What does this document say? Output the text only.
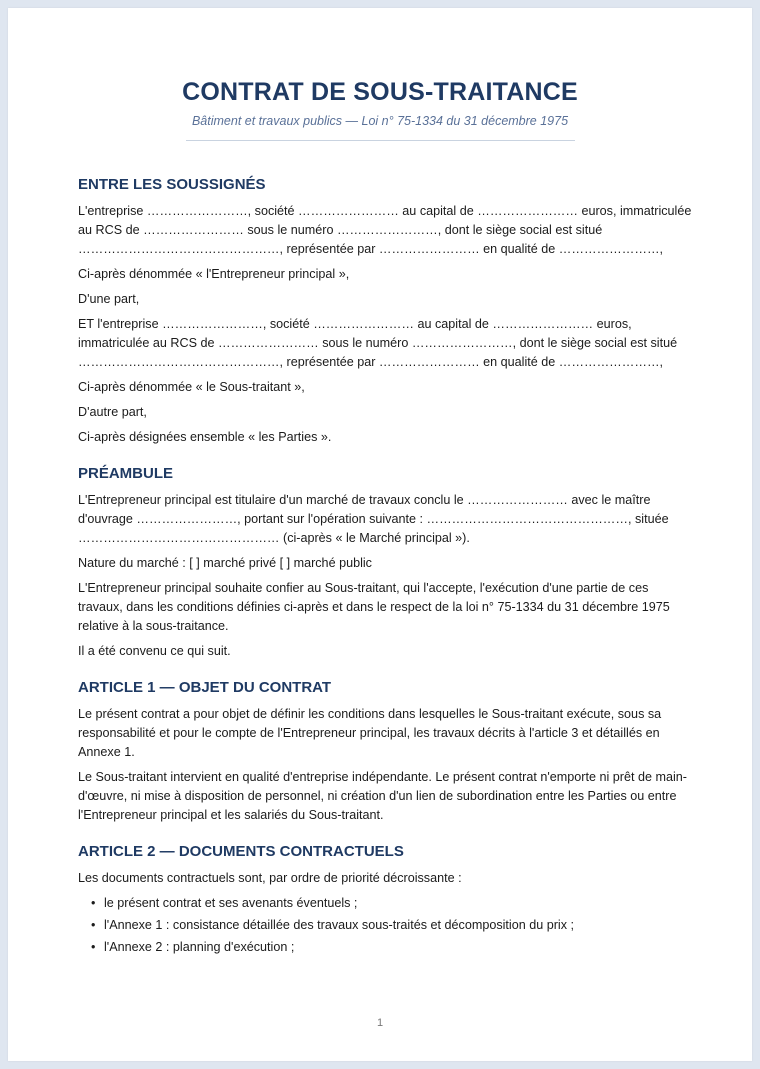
CONTRAT DE SOUS-TRAITANCE
Bâtiment et travaux publics — Loi n° 75-1334 du 31 décembre 1975
ENTRE LES SOUSSIGNÉS

L'entreprise ……………………, société …………………… au capital de …………………… euros, immatriculée au RCS de …………………… sous le numéro ……………………, dont le siège social est situé …………………………………………, représentée par …………………… en qualité de ……………………,

Ci-après dénommée « l'Entrepreneur principal »,

D'une part,

ET l'entreprise ……………………, société …………………… au capital de …………………… euros, immatriculée au RCS de …………………… sous le numéro ……………………, dont le siège social est situé …………………………………………, représentée par …………………… en qualité de ……………………,

Ci-après dénommée « le Sous-traitant »,

D'autre part,

Ci-après désignées ensemble « les Parties ».

PRÉAMBULE

L'Entrepreneur principal est titulaire d'un marché de travaux conclu le …………………… avec le maître d'ouvrage ……………………, portant sur l'opération suivante : …………………………………………, située ………………………………………… (ci-après « le Marché principal »).

Nature du marché : [ ] marché privé [ ] marché public

L'Entrepreneur principal souhaite confier au Sous-traitant, qui l'accepte, l'exécution d'une partie de ces travaux, dans les conditions définies ci-après et dans le respect de la loi n° 75-1334 du 31 décembre 1975 relative à la sous-traitance.

Il a été convenu ce qui suit.

ARTICLE 1 — OBJET DU CONTRAT

Le présent contrat a pour objet de définir les conditions dans lesquelles le Sous-traitant exécute, sous sa responsabilité et pour le compte de l'Entrepreneur principal, les travaux décrits à l'article 3 et détaillés en Annexe 1.

Le Sous-traitant intervient en qualité d'entreprise indépendante. Le présent contrat n'emporte ni prêt de main-d'œuvre, ni mise à disposition de personnel, ni création d'un lien de subordination entre les Parties ou entre l'Entrepreneur principal et les salariés du Sous-traitant.

ARTICLE 2 — DOCUMENTS CONTRACTUELS

Les documents contractuels sont, par ordre de priorité décroissante :

• le présent contrat et ses avenants éventuels ;
• l'Annexe 1 : consistance détaillée des travaux sous-traités et décomposition du prix ;
• l'Annexe 2 : planning d'exécution ;
1
